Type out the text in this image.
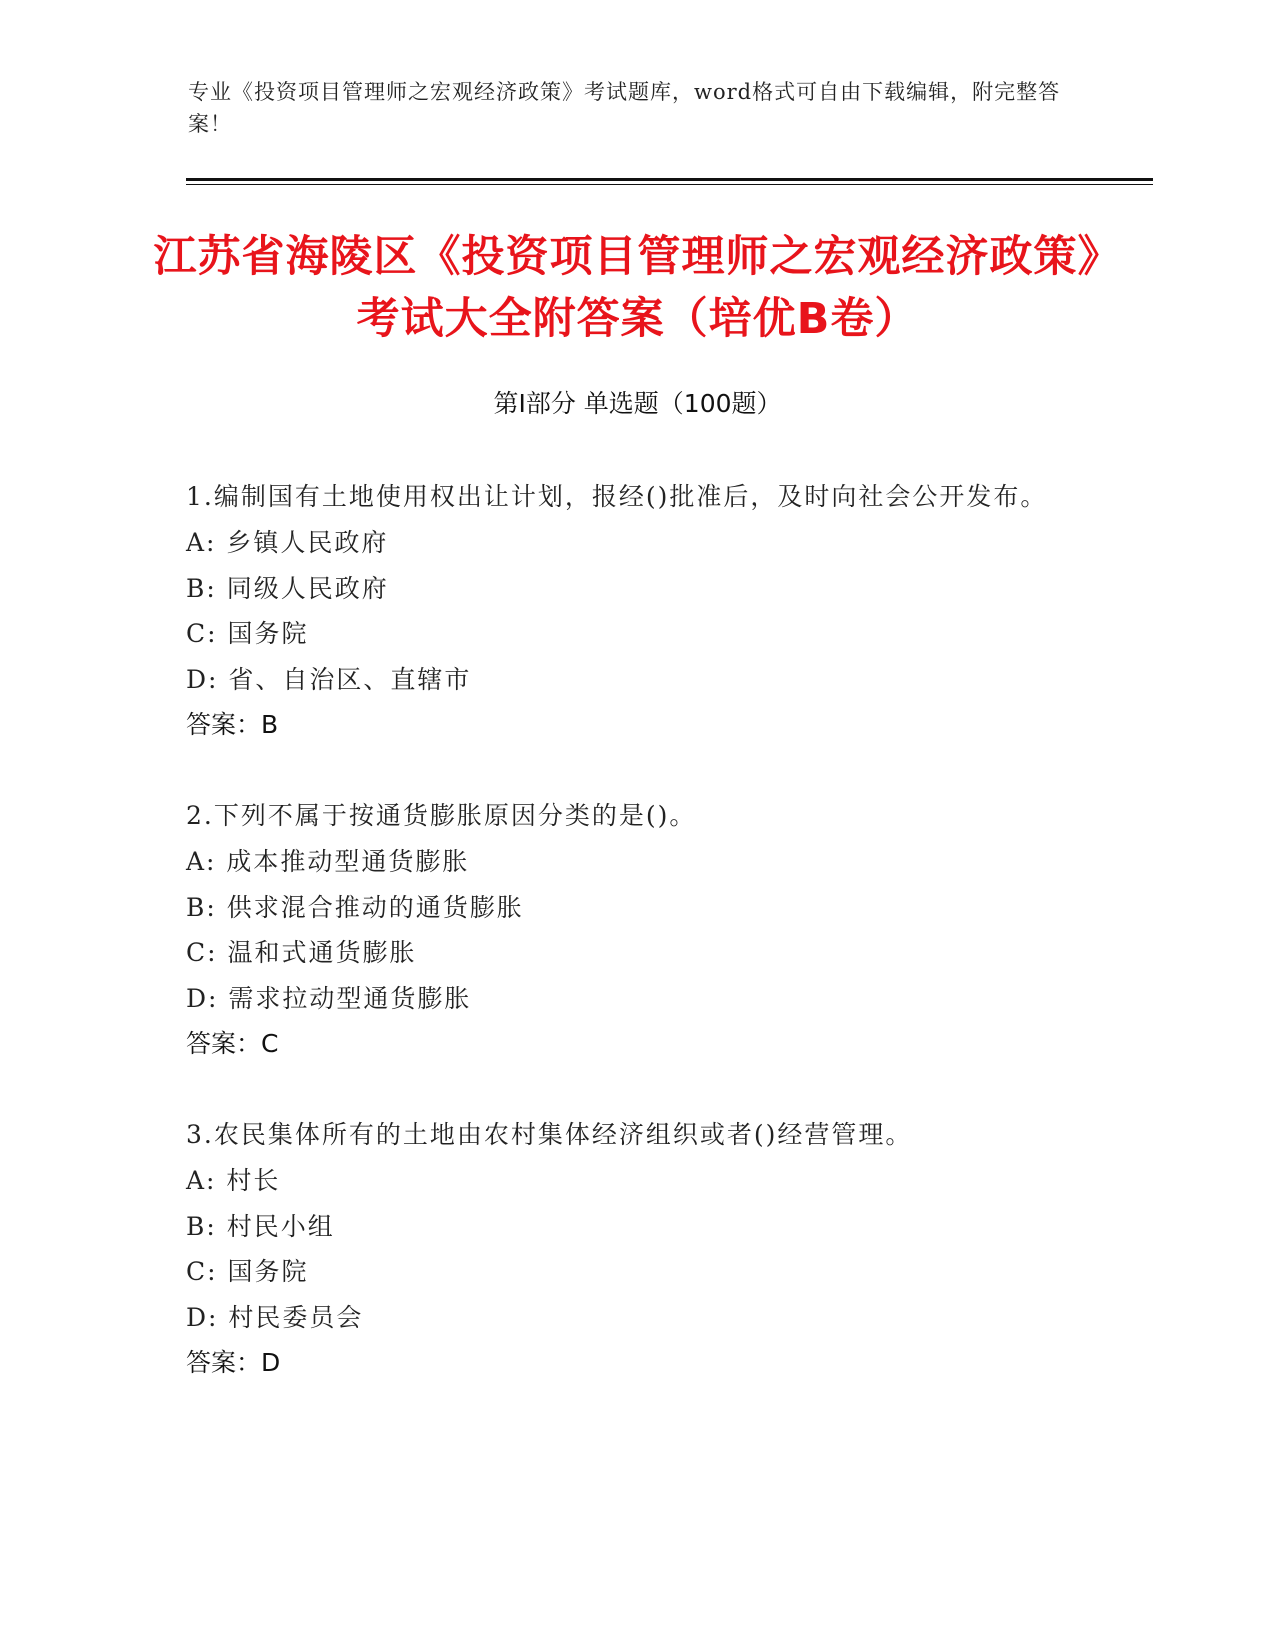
专业《投资项目管理师之宏观经济政策》考试题库，word格式可自由下载编辑，附完整答案！
江苏省海陵区《投资项目管理师之宏观经济政策》考试大全附答案（培优B卷）
第I部分 单选题（100题）
1.编制国有土地使用权出让计划，报经()批准后，及时向社会公开发布。
A: 乡镇人民政府
B: 同级人民政府
C: 国务院
D: 省、自治区、直辖市
答案：B
2.下列不属于按通货膨胀原因分类的是()。
A: 成本推动型通货膨胀
B: 供求混合推动的通货膨胀
C: 温和式通货膨胀
D: 需求拉动型通货膨胀
答案：C
3.农民集体所有的土地由农村集体经济组织或者()经营管理。
A: 村长
B: 村民小组
C: 国务院
D: 村民委员会
答案：D
